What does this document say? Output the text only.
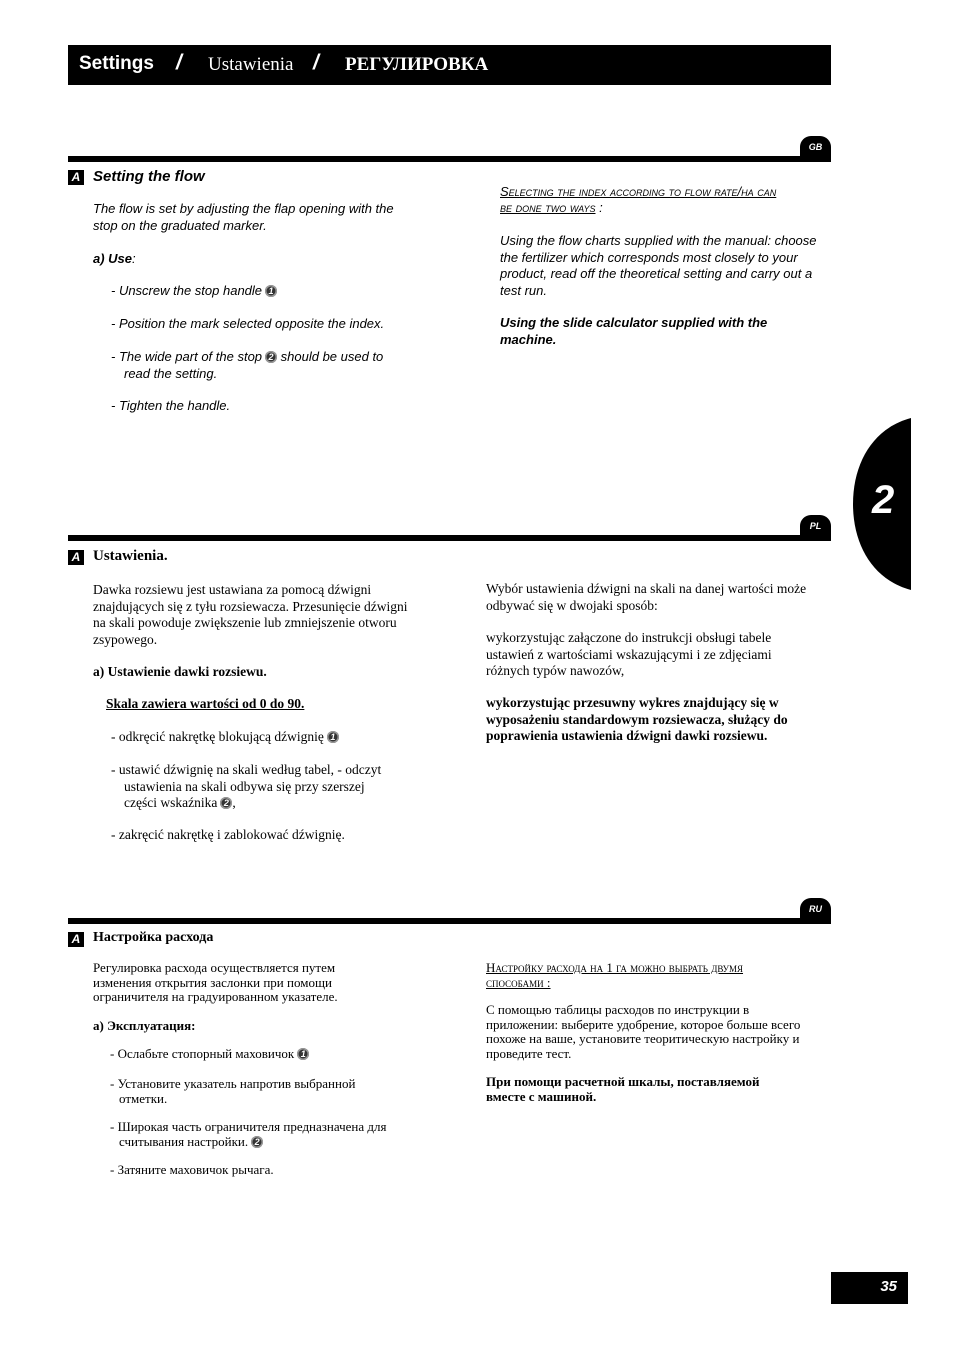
Settings / Ustawienia / РЕГУЛИРОВКА
2
GB
A Setting the flow
The flow is set by adjusting the flap opening with the stop on the graduated marker.
a) Use:
- Unscrew the stop handle 1
- Position the mark selected opposite the index.
- The wide part of the stop 2 should be used to
read the setting.
- Tighten the handle.
Selecting the index according to flow rate/ha can
be done two ways :
Using the flow charts supplied with the manual: choose the fertilizer which corresponds most closely to your product, read off the theoretical setting and carry out a test run.
Using the slide calculator supplied with the machine.
PL
A Ustawienia.
Dawka rozsiewu jest ustawiana za pomocą dźwigni znajdujących się z tyłu rozsiewacza. Przesunięcie dźwigni na skali powoduje zwiększenie lub zmniejszenie otworu zsypowego.
a) Ustawienie dawki rozsiewu.
Skala zawiera wartości od 0 do 90.
- odkręcić nakrętkę blokującą dźwignię 1
- ustawić dźwignię na skali według tabel, - odczyt
ustawienia na skali odbywa się przy szerszej
części wskaźnika 2 ,
- zakręcić nakrętkę i zablokować dźwignię.
Wybór ustawienia dźwigni na skali na danej wartości może odbywać się w dwojaki sposób:
wykorzystując załączone do instrukcji obsługi tabele ustawień z wartościami wskazującymi i ze zdjęciami różnych typów nawozów,
wykorzystując przesuwny wykres znajdujący się w wyposażeniu standardowym rozsiewacza, służący do poprawienia ustawienia dźwigni dawki rozsiewu.
RU
A Настройка расхода
Регулировка расхода осуществляется путем изменения открытия заслонки при помощи ограничителя на градуированном указателе.
а) Эксплуатация:
- Ослабьте стопорный маховичок 1
- Установите указатель напротив выбранной
отметки.
- Широкая часть ограничителя предназначена для
считывания настройки. 2
- Затяните маховичок рычага.
Настройку расхода на 1 га можно выбрать двумя
способами :
С помощью таблицы расходов по инструкции в приложении: выберите удобрение, которое больше всего похоже на ваше, установите теоритическую настройку и проведите тест.
При помощи расчетной шкалы, поставляемой вместе с машиной.
35
